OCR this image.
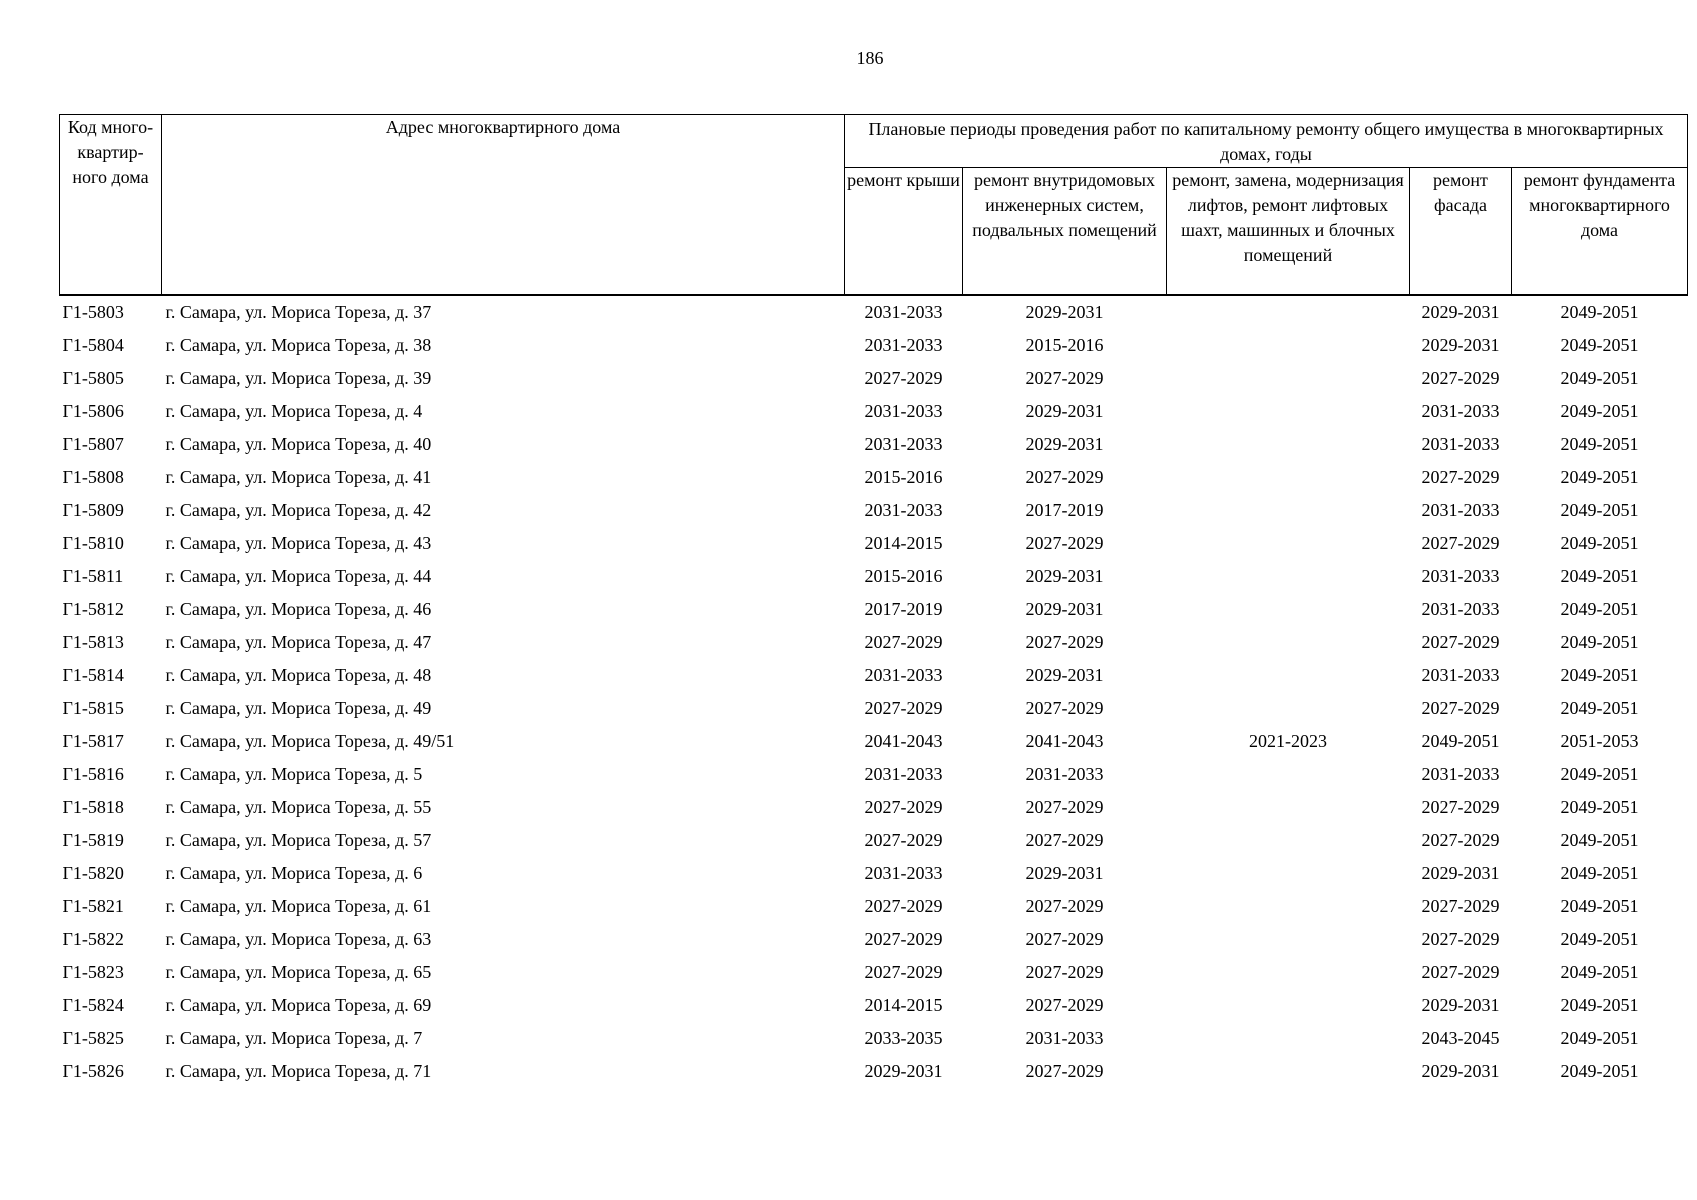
186
Код много-квартир-ного дома	Адрес многоквартирного дома	Плановые периоды проведения работ по капитальному ремонту общего имущества в многоквартирных домах, годы				

		ремонт крыши	ремонт внутридомовых инженерных систем, подвальных помещений	ремонт, замена, модернизация лифтов, ремонт лифтовых шахт, машинных и блочных помещений	ремонт фасада	ремонт фундамента многоквартирного дома
Г1-5803	г. Самара, ул. Мориса Тореза, д. 37	2031-2033	2029-2031		2029-2031	2049-2051
Г1-5804	г. Самара, ул. Мориса Тореза, д. 38	2031-2033	2015-2016		2029-2031	2049-2051
Г1-5805	г. Самара, ул. Мориса Тореза, д. 39	2027-2029	2027-2029		2027-2029	2049-2051
Г1-5806	г. Самара, ул. Мориса Тореза, д. 4	2031-2033	2029-2031		2031-2033	2049-2051
Г1-5807	г. Самара, ул. Мориса Тореза, д. 40	2031-2033	2029-2031		2031-2033	2049-2051
Г1-5808	г. Самара, ул. Мориса Тореза, д. 41	2015-2016	2027-2029		2027-2029	2049-2051
Г1-5809	г. Самара, ул. Мориса Тореза, д. 42	2031-2033	2017-2019		2031-2033	2049-2051
Г1-5810	г. Самара, ул. Мориса Тореза, д. 43	2014-2015	2027-2029		2027-2029	2049-2051
Г1-5811	г. Самара, ул. Мориса Тореза, д. 44	2015-2016	2029-2031		2031-2033	2049-2051
Г1-5812	г. Самара, ул. Мориса Тореза, д. 46	2017-2019	2029-2031		2031-2033	2049-2051
Г1-5813	г. Самара, ул. Мориса Тореза, д. 47	2027-2029	2027-2029		2027-2029	2049-2051
Г1-5814	г. Самара, ул. Мориса Тореза, д. 48	2031-2033	2029-2031		2031-2033	2049-2051
Г1-5815	г. Самара, ул. Мориса Тореза, д. 49	2027-2029	2027-2029		2027-2029	2049-2051
Г1-5817	г. Самара, ул. Мориса Тореза, д. 49/51	2041-2043	2041-2043	2021-2023	2049-2051	2051-2053
Г1-5816	г. Самара, ул. Мориса Тореза, д. 5	2031-2033	2031-2033		2031-2033	2049-2051
Г1-5818	г. Самара, ул. Мориса Тореза, д. 55	2027-2029	2027-2029		2027-2029	2049-2051
Г1-5819	г. Самара, ул. Мориса Тореза, д. 57	2027-2029	2027-2029		2027-2029	2049-2051
Г1-5820	г. Самара, ул. Мориса Тореза, д. 6	2031-2033	2029-2031		2029-2031	2049-2051
Г1-5821	г. Самара, ул. Мориса Тореза, д. 61	2027-2029	2027-2029		2027-2029	2049-2051
Г1-5822	г. Самара, ул. Мориса Тореза, д. 63	2027-2029	2027-2029		2027-2029	2049-2051
Г1-5823	г. Самара, ул. Мориса Тореза, д. 65	2027-2029	2027-2029		2027-2029	2049-2051
Г1-5824	г. Самара, ул. Мориса Тореза, д. 69	2014-2015	2027-2029		2029-2031	2049-2051
Г1-5825	г. Самара, ул. Мориса Тореза, д. 7	2033-2035	2031-2033		2043-2045	2049-2051
Г1-5826	г. Самара, ул. Мориса Тореза, д. 71	2029-2031	2027-2029		2029-2031	2049-2051
